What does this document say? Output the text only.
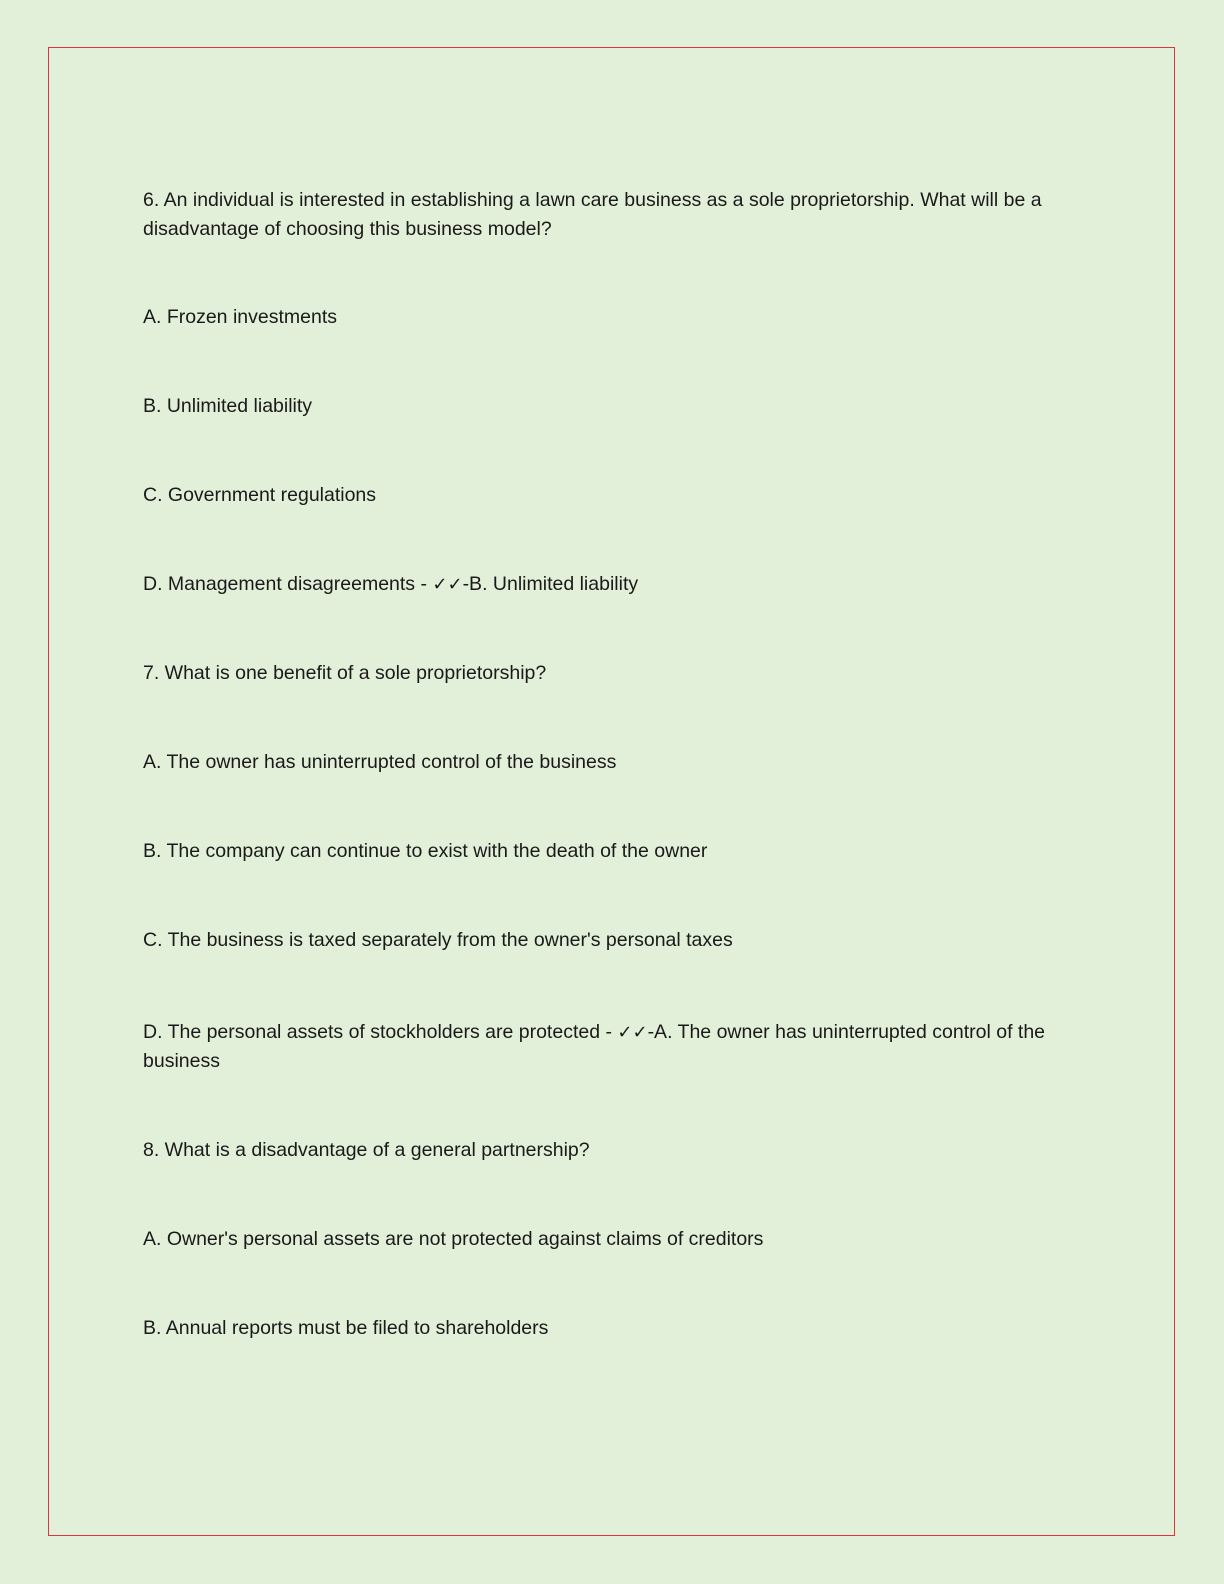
6. An individual is interested in establishing a lawn care business as a sole proprietorship. What will be a disadvantage of choosing this business model?

A. Frozen investments

B. Unlimited liability

C. Government regulations

D. Management disagreements - ✓✓-B. Unlimited liability

7. What is one benefit of a sole proprietorship?

A. The owner has uninterrupted control of the business

B. The company can continue to exist with the death of the owner

C. The business is taxed separately from the owner's personal taxes

D. The personal assets of stockholders are protected - ✓✓-A. The owner has uninterrupted control of the business

8. What is a disadvantage of a general partnership?

A. Owner's personal assets are not protected against claims of creditors

B. Annual reports must be filed to shareholders
